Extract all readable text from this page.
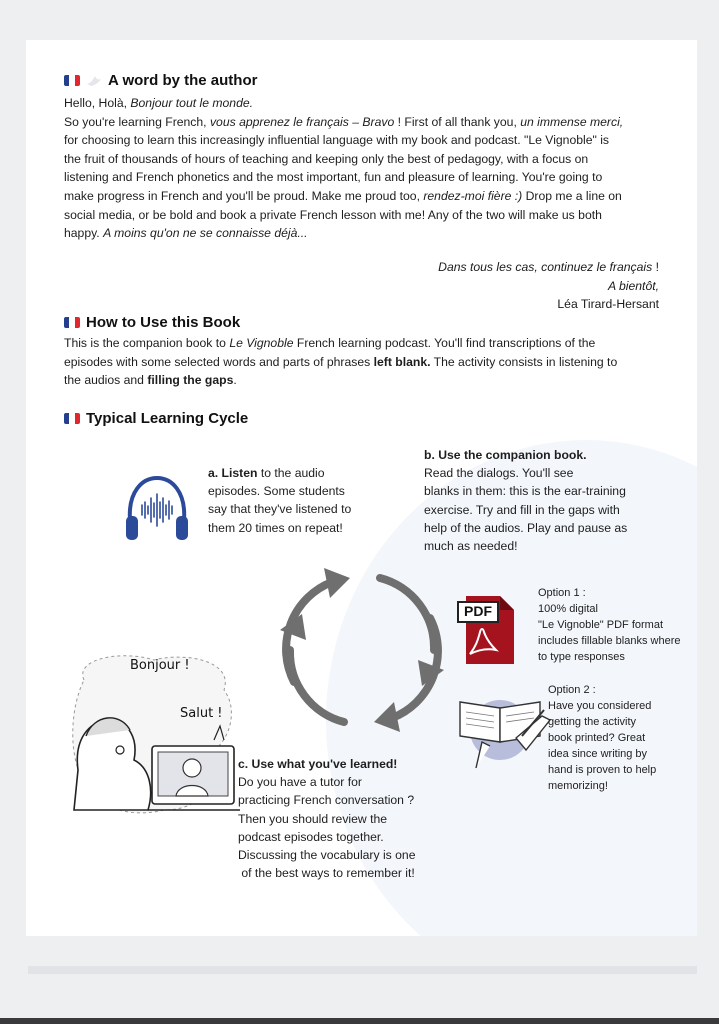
A word by the author

Hello, Holà, Bonjour tout le monde.

So you're learning French, vous apprenez le français – Bravo ! First of all thank you, un immense merci,

for choosing to learn this increasingly influential language with my book and podcast. "Le Vignoble" is

the fruit of thousands of hours of teaching and keeping only the best of pedagogy, with a focus on

listening and French phonetics and the most important, fun and pleasure of learning. You're going to

make progress in French and you'll be proud. Make me proud too, rendez-moi fière :) Drop me a line on

social media, or be bold and book a private French lesson with me! Any of the two will make us both

happy. A moins qu'on ne se connaisse déjà...

Dans tous les cas, continuez le français !
A bientôt,
Léa Tirard-Hersant
How to Use this Book

This is the companion book to Le Vignoble French learning podcast. You'll find transcriptions of the

episodes with some selected words and parts of phrases left blank. The activity consists in listening to

the audios and filling the gaps.

Typical Learning Cycle

a. Listen to the audio

episodes. Some students

say that they've listened to

them 20 times on repeat!

b. Use the companion book.

Read the dialogs. You'll see

blanks in them: this is the ear-training

exercise. Try and fill in the gaps with

help of the audios. Play and pause as

much as needed!

PDF

Option 1 :

100% digital

"Le Vignoble" PDF format

includes fillable blanks where

to type responses

Option 2 :

Have you considered

getting the activity

book printed? Great

idea since writing by

hand is proven to help

memorizing!

Bonjour !
Salut !

c. Use what you've learned!

Do you have a tutor for

practicing French conversation ?

Then you should review the

podcast episodes together.

Discussing the vocabulary is one

of the best ways to remember it!
